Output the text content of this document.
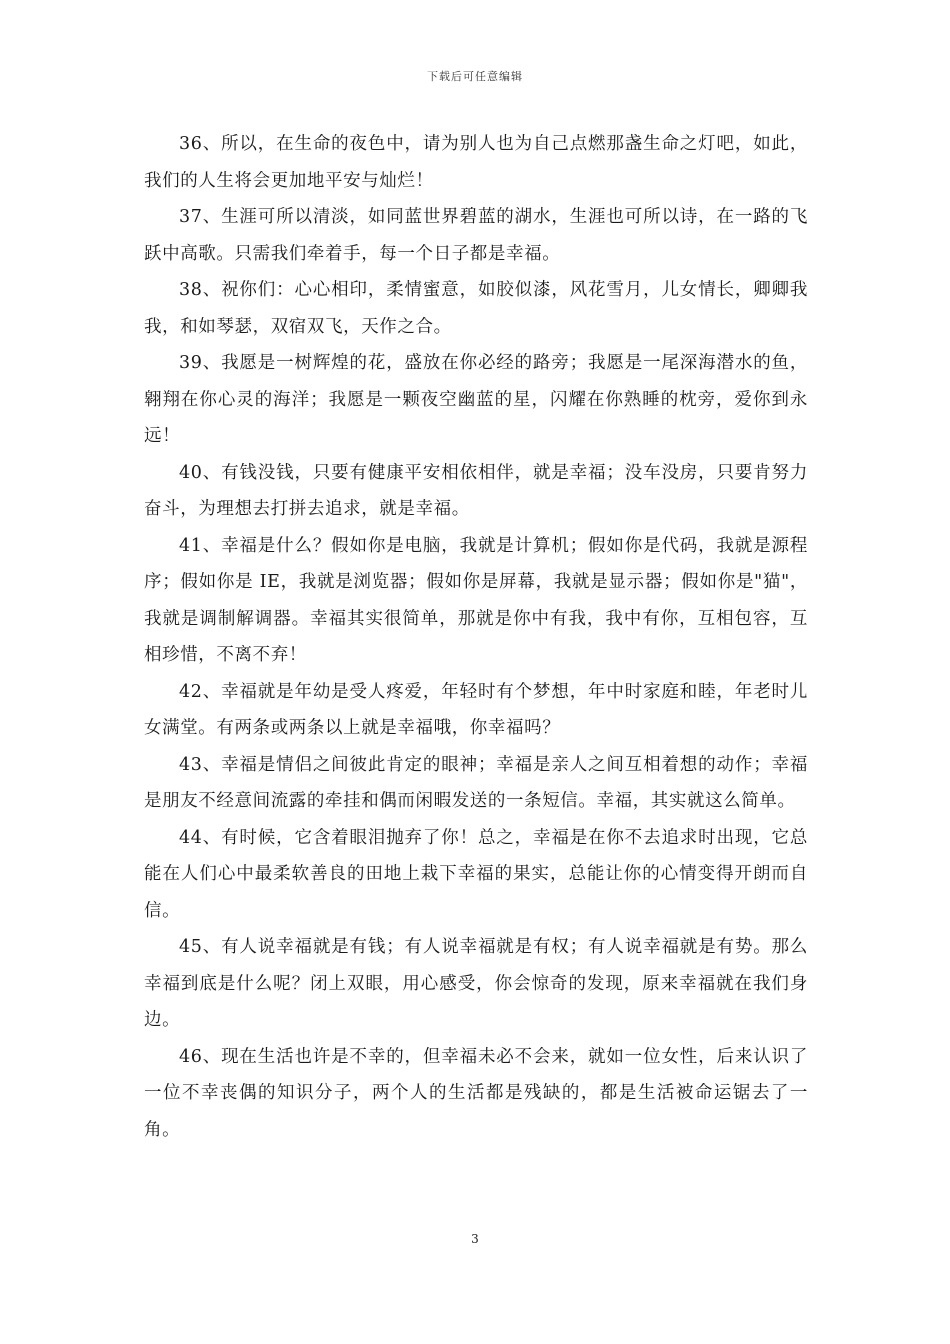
下载后可任意编辑

36、所以，在生命的夜色中，请为别人也为自己点燃那盏生命之灯吧，如此，我们的人生将会更加地平安与灿烂！

37、生涯可所以清淡，如同蓝世界碧蓝的湖水，生涯也可所以诗，在一路的飞跃中高歌。只需我们牵着手，每一个日子都是幸福。

38、祝你们：心心相印，柔情蜜意，如胶似漆，风花雪月，儿女情长，卿卿我我，和如琴瑟，双宿双飞，天作之合。

39、我愿是一树辉煌的花，盛放在你必经的路旁；我愿是一尾深海潜水的鱼，翱翔在你心灵的海洋；我愿是一颗夜空幽蓝的星，闪耀在你熟睡的枕旁，爱你到永远！

40、有钱没钱，只要有健康平安相依相伴，就是幸福；没车没房，只要肯努力奋斗，为理想去打拼去追求，就是幸福。

41、幸福是什么？假如你是电脑，我就是计算机；假如你是代码，我就是源程序；假如你是 IE，我就是浏览器；假如你是屏幕，我就是显示器；假如你是"猫"，我就是调制解调器。幸福其实很简单，那就是你中有我，我中有你，互相包容，互相珍惜，不离不弃！

42、幸福就是年幼是受人疼爱，年轻时有个梦想，年中时家庭和睦，年老时儿女满堂。有两条或两条以上就是幸福哦，你幸福吗？

43、幸福是情侣之间彼此肯定的眼神；幸福是亲人之间互相着想的动作；幸福是朋友不经意间流露的牵挂和偶而闲暇发送的一条短信。幸福，其实就这么简单。

44、有时候，它含着眼泪抛弃了你！总之，幸福是在你不去追求时出现，它总能在人们心中最柔软善良的田地上栽下幸福的果实，总能让你的心情变得开朗而自信。

45、有人说幸福就是有钱；有人说幸福就是有权；有人说幸福就是有势。那么幸福到底是什么呢？闭上双眼，用心感受，你会惊奇的发现，原来幸福就在我们身边。

46、现在生活也许是不幸的，但幸福未必不会来，就如一位女性，后来认识了一位不幸丧偶的知识分子，两个人的生活都是残缺的，都是生活被命运锯去了一角。

3
